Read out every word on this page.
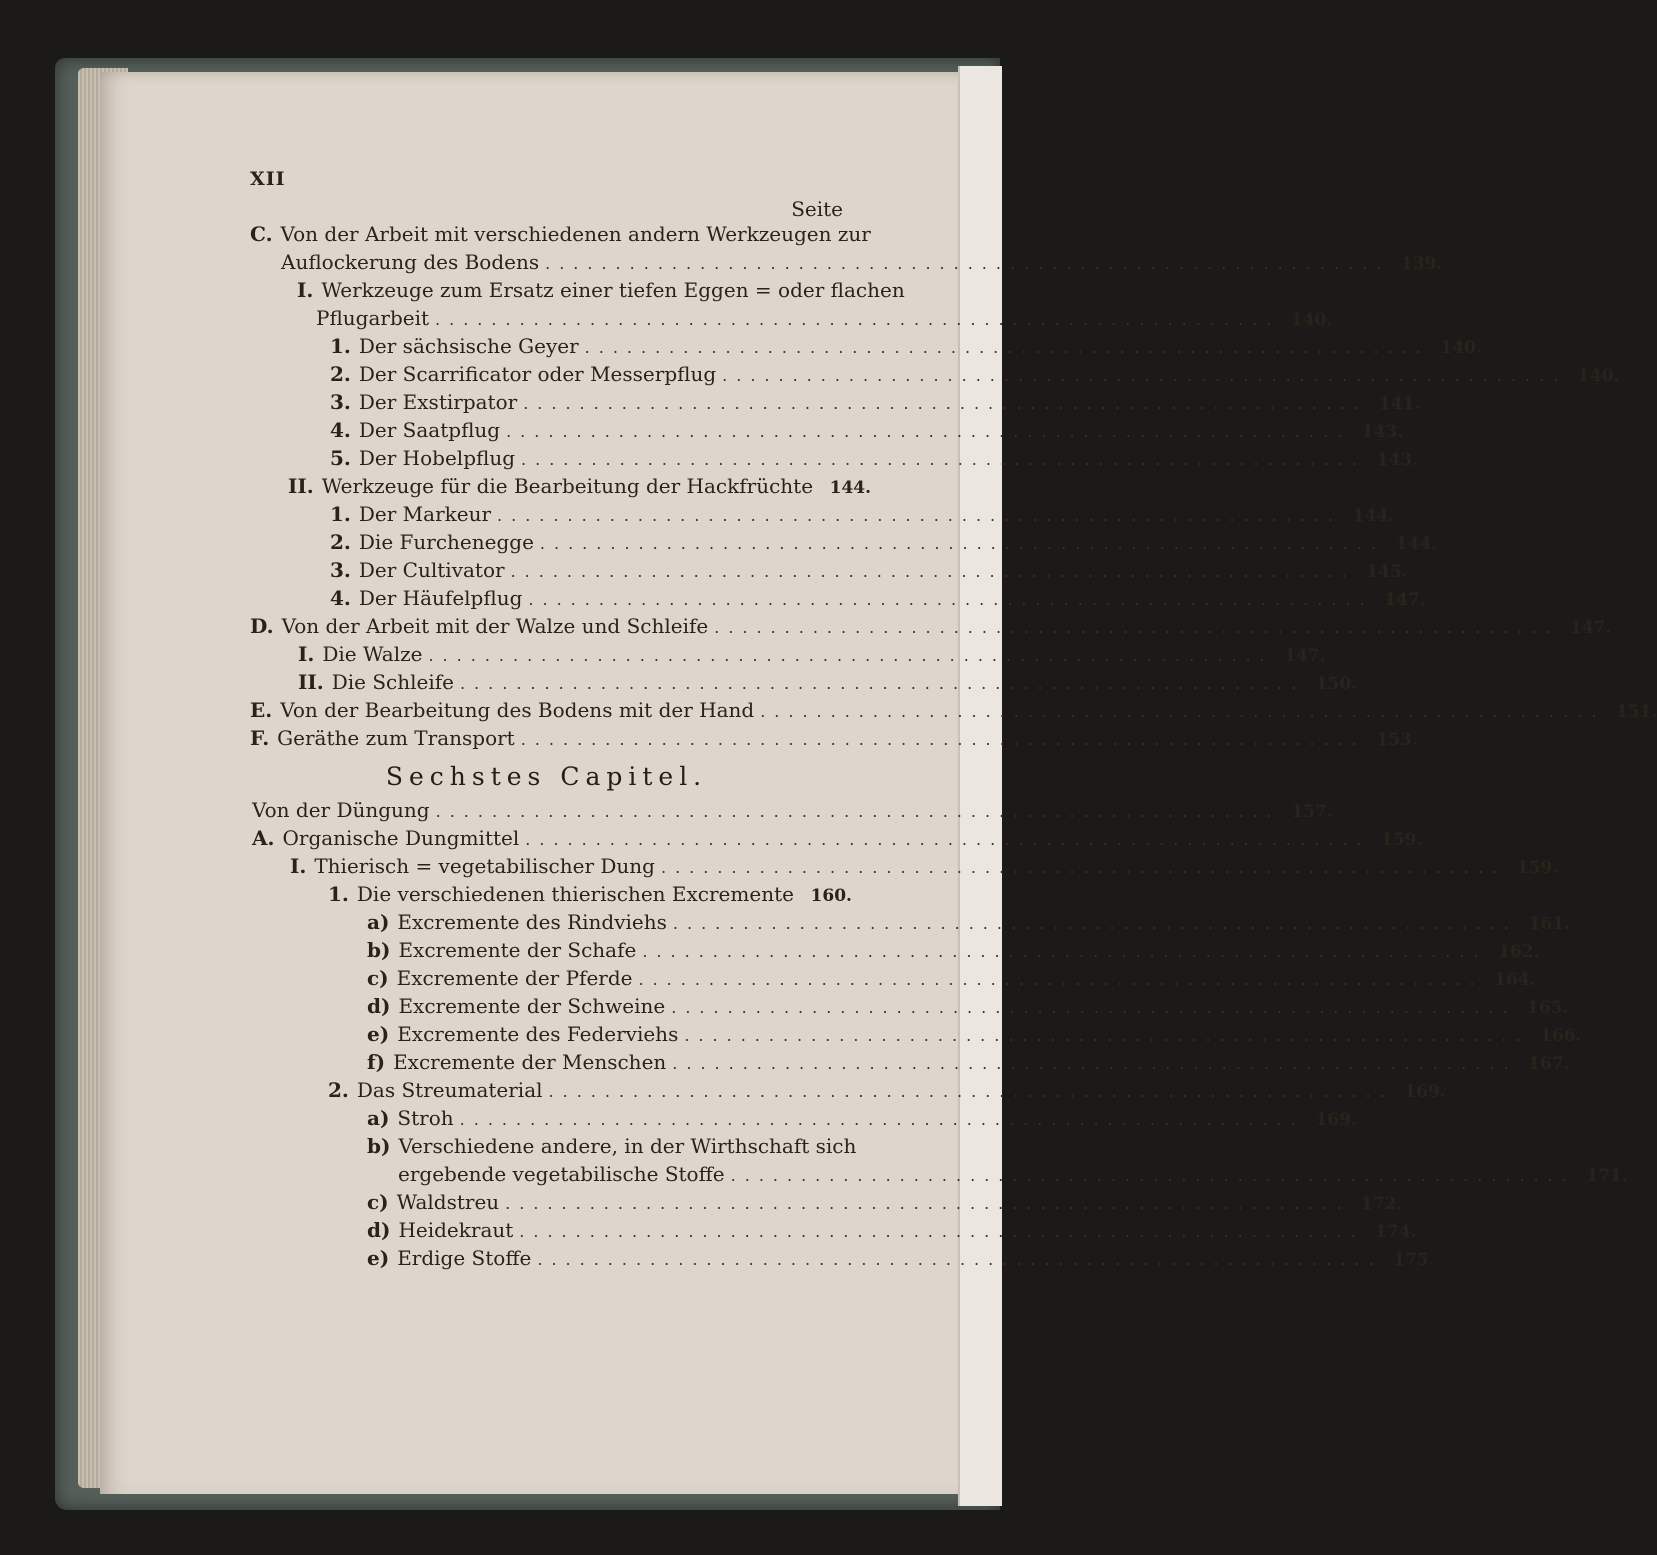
XII
Seite
Sechstes Capitel.
C. Von der Arbeit mit verschiedenen andern Werkzeugen zur
Auflockerung des Bodens ............................................................ 139.
I. Werkzeuge zum Ersatz einer tiefen Eggen = oder flachen
Pflugarbeit ............................................................ 140.
1. Der sächsische Geyer ............................................................ 140.
2. Der Scarrificator oder Messerpflug ............................................................ 140.
3. Der Exstirpator ............................................................ 141.
4. Der Saatpflug ............................................................ 143.
5. Der Hobelpflug ............................................................ 143.
II. Werkzeuge für die Bearbeitung der Hackfrüchte 144.
1. Der Markeur ............................................................ 144.
2. Die Furchenegge ............................................................ 144.
3. Der Cultivator ............................................................ 145.
4. Der Häufelpflug ............................................................ 147.
D. Von der Arbeit mit der Walze und Schleife ............................................................ 147.
I. Die Walze ............................................................ 147.
II. Die Schleife ............................................................ 150.
E. Von der Bearbeitung des Bodens mit der Hand ............................................................ 151.
F. Geräthe zum Transport ............................................................ 153.
Von der Düngung ............................................................ 157.
A. Organische Dungmittel ............................................................ 159.
I. Thierisch = vegetabilischer Dung ............................................................ 159.
1. Die verschiedenen thierischen Excremente 160.
a) Excremente des Rindviehs ............................................................ 161.
b) Excremente der Schafe ............................................................ 162.
c) Excremente der Pferde ............................................................ 164.
d) Excremente der Schweine ............................................................ 165.
e) Excremente des Federviehs ............................................................ 166.
f) Excremente der Menschen ............................................................ 167.
2. Das Streumaterial ............................................................ 169.
a) Stroh ............................................................ 169.
b) Verschiedene andere, in der Wirthschaft sich
ergebende vegetabilische Stoffe ............................................................ 171.
c) Waldstreu ............................................................ 172.
d) Heidekraut ............................................................ 174.
e) Erdige Stoffe ............................................................ 175.
